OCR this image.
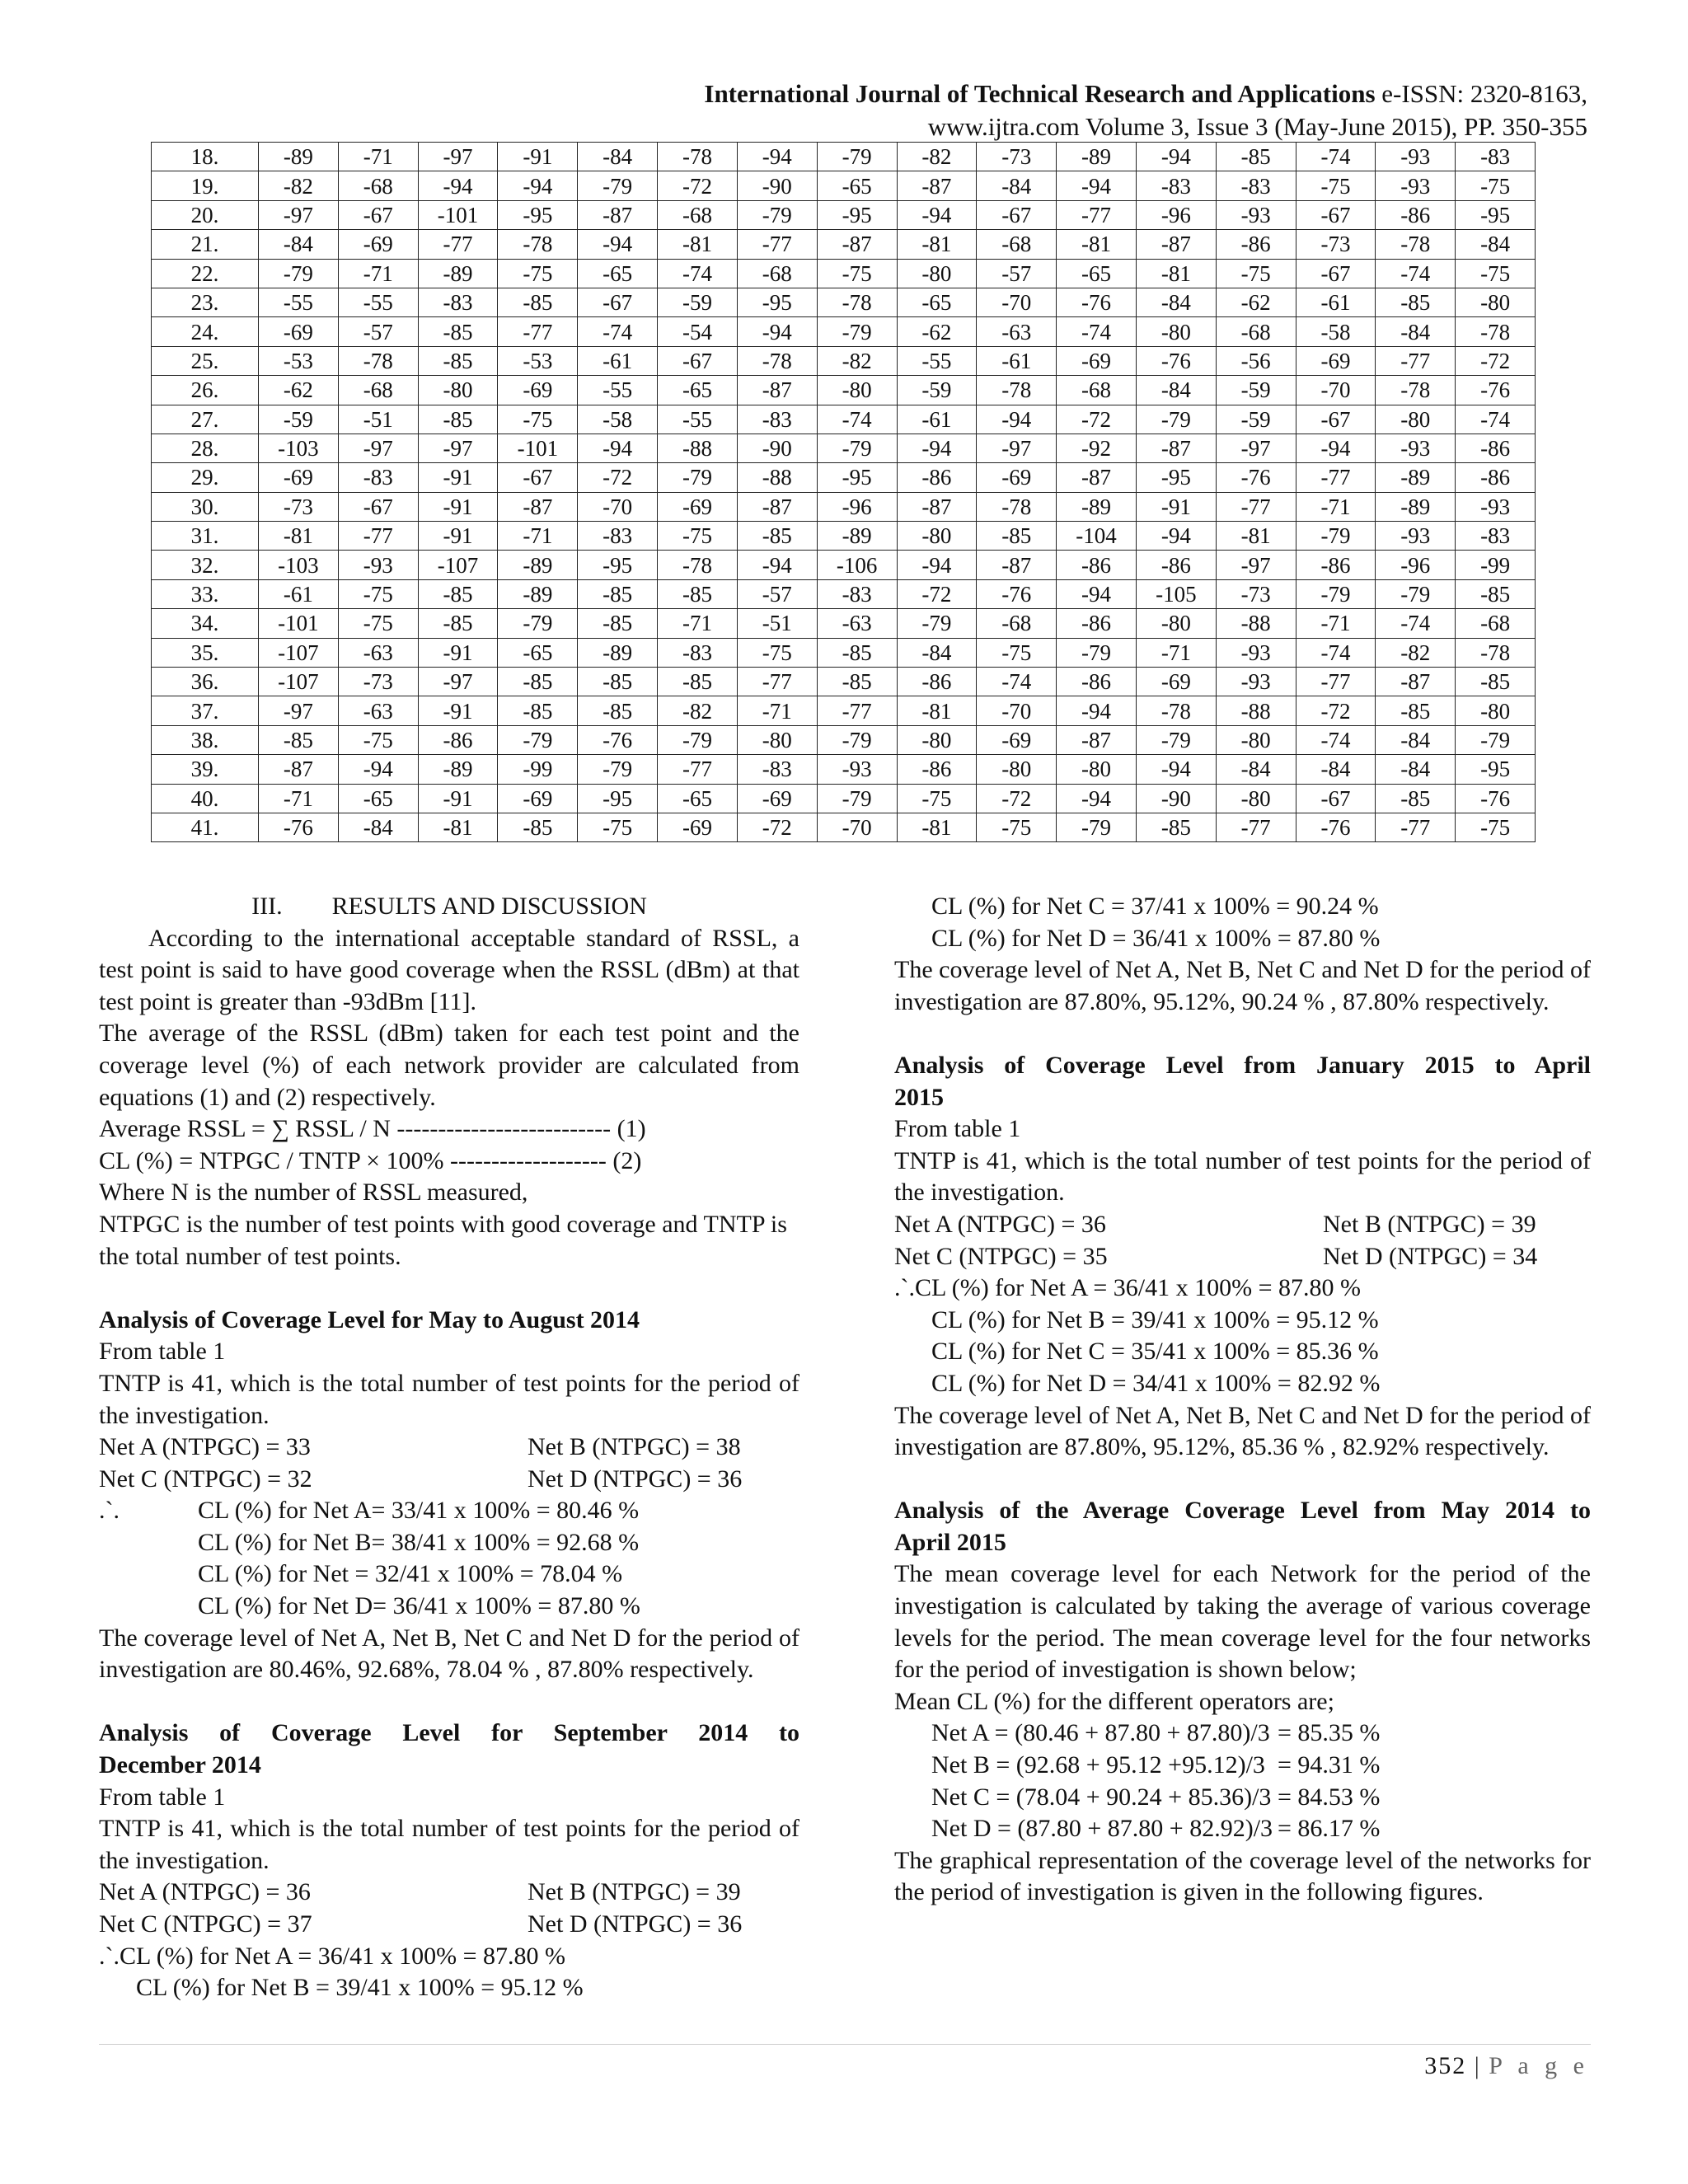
International Journal of Technical Research and Applications e-ISSN: 2320-8163,
www.ijtra.com Volume 3, Issue 3 (May-June 2015), PP. 350-355
18.	-89	-71	-97	-91	-84	-78	-94	-79	-82	-73	-89	-94	-85	-74	-93	-83
19.	-82	-68	-94	-94	-79	-72	-90	-65	-87	-84	-94	-83	-83	-75	-93	-75
20.	-97	-67	-101	-95	-87	-68	-79	-95	-94	-67	-77	-96	-93	-67	-86	-95
21.	-84	-69	-77	-78	-94	-81	-77	-87	-81	-68	-81	-87	-86	-73	-78	-84
22.	-79	-71	-89	-75	-65	-74	-68	-75	-80	-57	-65	-81	-75	-67	-74	-75
23.	-55	-55	-83	-85	-67	-59	-95	-78	-65	-70	-76	-84	-62	-61	-85	-80
24.	-69	-57	-85	-77	-74	-54	-94	-79	-62	-63	-74	-80	-68	-58	-84	-78
25.	-53	-78	-85	-53	-61	-67	-78	-82	-55	-61	-69	-76	-56	-69	-77	-72
26.	-62	-68	-80	-69	-55	-65	-87	-80	-59	-78	-68	-84	-59	-70	-78	-76
27.	-59	-51	-85	-75	-58	-55	-83	-74	-61	-94	-72	-79	-59	-67	-80	-74
28.	-103	-97	-97	-101	-94	-88	-90	-79	-94	-97	-92	-87	-97	-94	-93	-86
29.	-69	-83	-91	-67	-72	-79	-88	-95	-86	-69	-87	-95	-76	-77	-89	-86
30.	-73	-67	-91	-87	-70	-69	-87	-96	-87	-78	-89	-91	-77	-71	-89	-93
31.	-81	-77	-91	-71	-83	-75	-85	-89	-80	-85	-104	-94	-81	-79	-93	-83
32.	-103	-93	-107	-89	-95	-78	-94	-106	-94	-87	-86	-86	-97	-86	-96	-99
33.	-61	-75	-85	-89	-85	-85	-57	-83	-72	-76	-94	-105	-73	-79	-79	-85
34.	-101	-75	-85	-79	-85	-71	-51	-63	-79	-68	-86	-80	-88	-71	-74	-68
35.	-107	-63	-91	-65	-89	-83	-75	-85	-84	-75	-79	-71	-93	-74	-82	-78
36.	-107	-73	-97	-85	-85	-85	-77	-85	-86	-74	-86	-69	-93	-77	-87	-85
37.	-97	-63	-91	-85	-85	-82	-71	-77	-81	-70	-94	-78	-88	-72	-85	-80
38.	-85	-75	-86	-79	-76	-79	-80	-79	-80	-69	-87	-79	-80	-74	-84	-79
39.	-87	-94	-89	-99	-79	-77	-83	-93	-86	-80	-80	-94	-84	-84	-84	-95
40.	-71	-65	-91	-69	-95	-65	-69	-79	-75	-72	-94	-90	-80	-67	-85	-76
41.	-76	-84	-81	-85	-75	-69	-72	-70	-81	-75	-79	-85	-77	-76	-77	-75
III. RESULTS AND DISCUSSION

According to the international acceptable standard of RSSL, a test point is said to have good coverage when the RSSL (dBm) at that test point is greater than -93dBm [11].

The average of the RSSL (dBm) taken for each test point and the coverage level (%) of each network provider are calculated from equations (1) and (2) respectively.

Average RSSL = ∑ RSSL / N -------------------------- (1)
CL (%) = NTPGC / TNTP × 100% ------------------- (2)
Where N is the number of RSSL measured,
NTPGC is the number of test points with good coverage and TNTP is the total number of test points.
Analysis of Coverage Level for May to August 2014
From table 1

TNTP is 41, which is the total number of test points for the period of the investigation.

Net A (NTPGC) = 33	Net B (NTPGC) = 38
Net C (NTPGC) = 32	Net D (NTPGC) = 36
.`.	CL (%) for Net A= 33/41 x 100% = 80.46 %
CL (%) for Net B= 38/41 x 100% = 92.68 %
CL (%) for Net = 32/41 x 100% = 78.04 %
CL (%) for Net D= 36/41 x 100% = 87.80 %

The coverage level of Net A, Net B, Net C and Net D for the period of investigation are 80.46%, 92.68%, 78.04 % , 87.80% respectively.

Analysis of Coverage Level for September 2014 to
December 2014
From table 1

TNTP is 41, which is the total number of test points for the period of the investigation.

Net A (NTPGC) = 36	Net B (NTPGC) = 39
Net C (NTPGC) = 37	Net D (NTPGC) = 36
.`.CL (%) for Net A = 36/41 x 100% = 87.80 %
CL (%) for Net B = 39/41 x 100% = 95.12 %
CL (%) for Net C = 37/41 x 100% = 90.24 %
CL (%) for Net D = 36/41 x 100% = 87.80 %

The coverage level of Net A, Net B, Net C and Net D for the period of investigation are 87.80%, 95.12%, 90.24 % , 87.80% respectively.

Analysis of Coverage Level from January 2015 to April
2015
From table 1

TNTP is 41, which is the total number of test points for the period of the investigation.

Net A (NTPGC) = 36	Net B (NTPGC) = 39
Net C (NTPGC) = 35	Net D (NTPGC) = 34
.`.CL (%) for Net A = 36/41 x 100% = 87.80 %
CL (%) for Net B = 39/41 x 100% = 95.12 %
CL (%) for Net C = 35/41 x 100% = 85.36 %
CL (%) for Net D = 34/41 x 100% = 82.92 %

The coverage level of Net A, Net B, Net C and Net D for the period of investigation are 87.80%, 95.12%, 85.36 % , 82.92% respectively.

Analysis of the Average Coverage Level from May 2014 to
April 2015

The mean coverage level for each Network for the period of the investigation is calculated by taking the average of various coverage levels for the period. The mean coverage level for the four networks for the period of investigation is shown below;

Mean CL (%) for the different operators are;
Net A = (80.46 + 87.80 + 87.80)/3 = 85.35 %
Net B = (92.68 + 95.12 +95.12)/3 = 94.31 %
Net C = (78.04 + 90.24 + 85.36)/3 = 84.53 %
Net D = (87.80 + 87.80 + 82.92)/3 = 86.17 %

The graphical representation of the coverage level of the networks for the period of investigation is given in the following figures.

352 | P a g e
